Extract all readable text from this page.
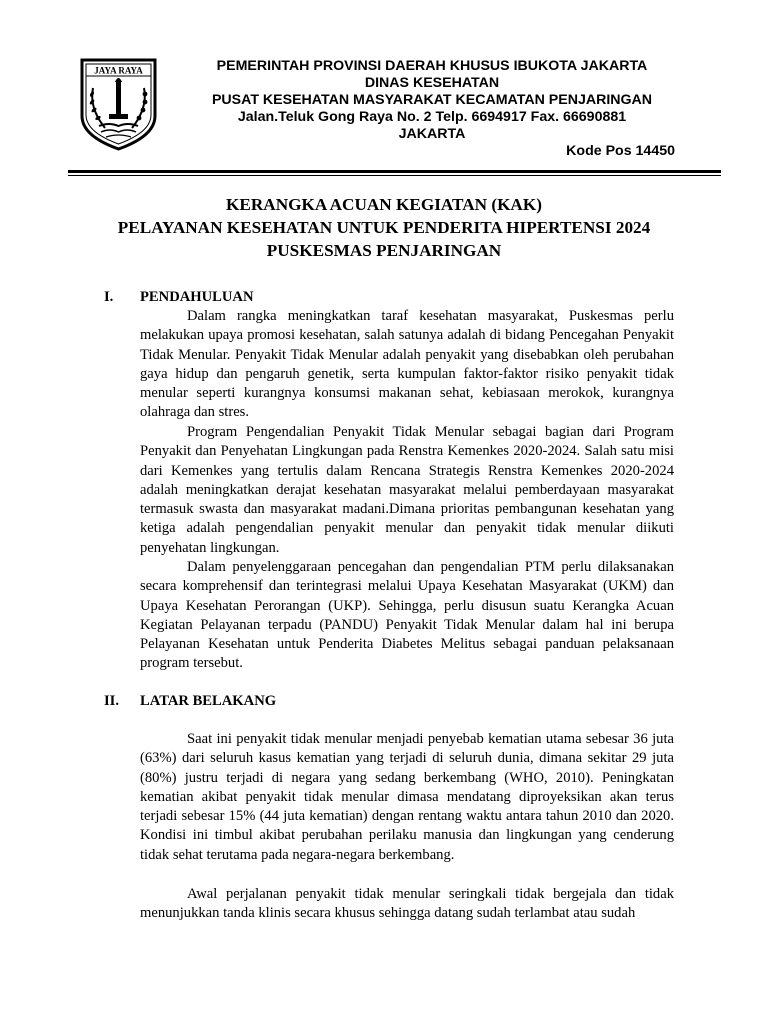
JAYA RAYA	PEMERINTAH PROVINSI DAERAH KHUSUS IBUKOTA JAKARTA
DINAS KESEHATAN
PUSAT KESEHATAN MASYARAKAT KECAMATAN PENJARINGAN
Jalan.Teluk Gong Raya No. 2 Telp. 6694917 Fax. 66690881
JAKARTA
Kode Pos 14450
KERANGKA ACUAN KEGIATAN (KAK)
PELAYANAN KESEHATAN UNTUK PENDERITA HIPERTENSI 2024
PUSKESMAS PENJARINGAN
I. PENDAHULUAN
Dalam rangka meningkatkan taraf kesehatan masyarakat, Puskesmas perlu melakukan upaya promosi kesehatan, salah satunya adalah di bidang Pencegahan Penyakit Tidak Menular. Penyakit Tidak Menular adalah penyakit yang disebabkan oleh perubahan gaya hidup dan pengaruh genetik, serta kumpulan faktor-faktor risiko penyakit tidak menular seperti kurangnya konsumsi makanan sehat, kebiasaan merokok, kurangnya olahraga dan stres.
Program Pengendalian Penyakit Tidak Menular sebagai bagian dari Program Penyakit dan Penyehatan Lingkungan pada Renstra Kemenkes 2020-2024. Salah satu misi dari Kemenkes yang tertulis dalam Rencana Strategis Renstra Kemenkes 2020-2024 adalah meningkatkan derajat kesehatan masyarakat melalui pemberdayaan masyarakat termasuk swasta dan masyarakat madani.Dimana prioritas pembangunan kesehatan yang ketiga adalah pengendalian penyakit menular dan penyakit tidak menular diikuti penyehatan lingkungan.
Dalam penyelenggaraan pencegahan dan pengendalian PTM perlu dilaksanakan secara komprehensif dan terintegrasi melalui Upaya Kesehatan Masyarakat (UKM) dan Upaya Kesehatan Perorangan (UKP). Sehingga, perlu disusun suatu Kerangka Acuan Kegiatan Pelayanan terpadu (PANDU) Penyakit Tidak Menular dalam hal ini berupa Pelayanan Kesehatan untuk Penderita Diabetes Melitus sebagai panduan pelaksanaan program tersebut.
II. LATAR BELAKANG
Saat ini penyakit tidak menular menjadi penyebab kematian utama sebesar 36 juta (63%) dari seluruh kasus kematian yang terjadi di seluruh dunia, dimana sekitar 29 juta (80%) justru terjadi di negara yang sedang berkembang (WHO, 2010). Peningkatan kematian akibat penyakit tidak menular dimasa mendatang diproyeksikan akan terus terjadi sebesar 15% (44 juta kematian) dengan rentang waktu antara tahun 2010 dan 2020. Kondisi ini timbul akibat perubahan perilaku manusia dan lingkungan yang cenderung tidak sehat terutama pada negara-negara berkembang.
Awal perjalanan penyakit tidak menular seringkali tidak bergejala dan tidak menunjukkan tanda klinis secara khusus sehingga datang sudah terlambat atau sudah
